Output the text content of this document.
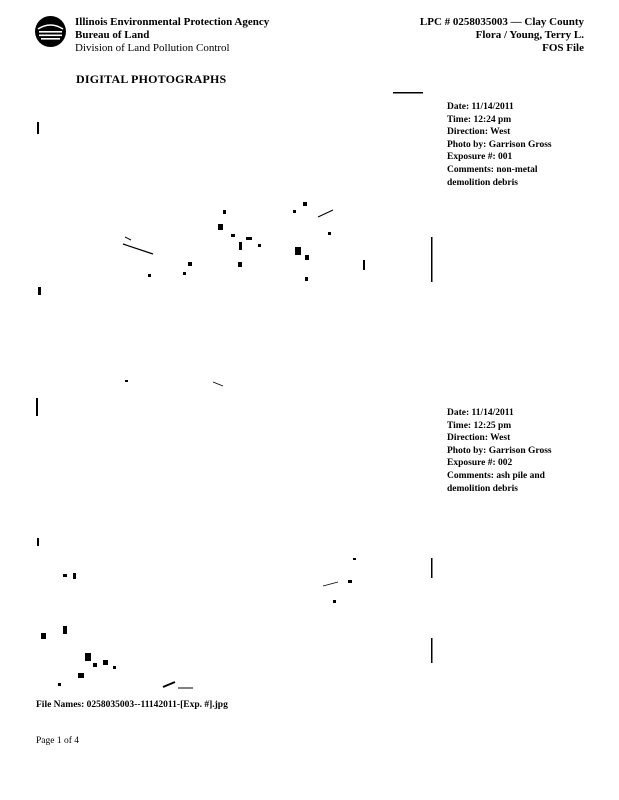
Illinois Environmental Protection Agency
Bureau of Land
Division of Land Pollution Control
LPC # 0258035003 — Clay County
Flora / Young, Terry L.
FOS File
DIGITAL PHOTOGRAPHS
Date: 11/14/2011
Time: 12:24 pm
Direction: West
Photo by: Garrison Gross
Exposure #: 001
Comments: non-metal
demolition debris
Date: 11/14/2011
Time: 12:25 pm
Direction: West
Photo by: Garrison Gross
Exposure #: 002
Comments: ash pile and
demolition debris
File Names: 0258035003--11142011-[Exp. #].jpg
Page 1 of 4
